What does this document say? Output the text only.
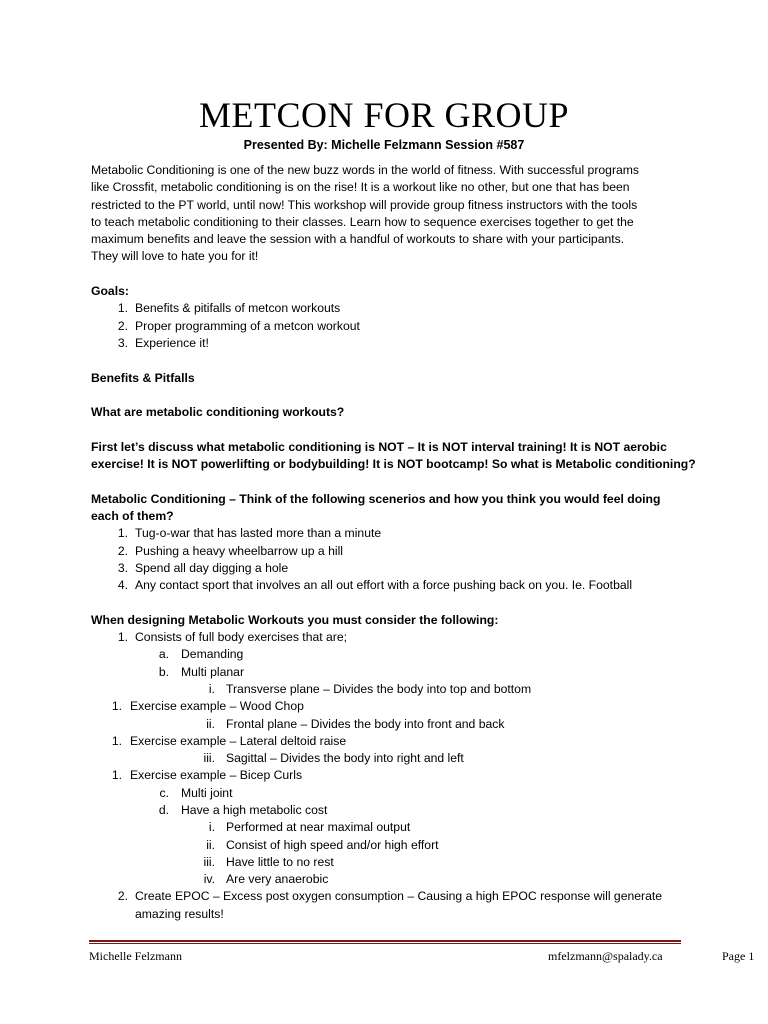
METCON FOR GROUP
Presented By: Michelle Felzmann Session #587
Metabolic Conditioning is one of the new buzz words in the world of fitness. With successful programs
like Crossfit, metabolic conditioning is on the rise! It is a workout like no other, but one that has been
restricted to the PT world, until now! This workshop will provide group fitness instructors with the tools
to teach metabolic conditioning to their classes. Learn how to sequence exercises together to get the
maximum benefits and leave the session with a handful of workouts to share with your participants.
They will love to hate you for it!
Goals:
1. Benefits & pitifalls of metcon workouts
2. Proper programming of a metcon workout
3. Experience it!
Benefits & Pitfalls
What are metabolic conditioning workouts?
First let’s discuss what metabolic conditioning is NOT – It is NOT interval training! It is NOT aerobic
exercise! It is NOT powerlifting or bodybuilding! It is NOT bootcamp! So what is Metabolic conditioning?
Metabolic Conditioning – Think of the following scenerios and how you think you would feel doing
each of them?
1. Tug-o-war that has lasted more than a minute
2. Pushing a heavy wheelbarrow up a hill
3. Spend all day digging a hole
4. Any contact sport that involves an all out effort with a force pushing back on you. Ie. Football
When designing Metabolic Workouts you must consider the following:
1. Consists of full body exercises that are;
a. Demanding
b. Multi planar
i. Transverse plane – Divides the body into top and bottom
1. Exercise example – Wood Chop
ii. Frontal plane – Divides the body into front and back
1. Exercise example – Lateral deltoid raise
iii. Sagittal – Divides the body into right and left
1. Exercise example – Bicep Curls
c. Multi joint
d. Have a high metabolic cost
i. Performed at near maximal output
ii. Consist of high speed and/or high effort
iii. Have little to no rest
iv. Are very anaerobic
2. Create EPOC – Excess post oxygen consumption – Causing a high EPOC response will generate
amazing results!
Michelle Felzmann	mfelzmann@spalady.ca	Page 1
